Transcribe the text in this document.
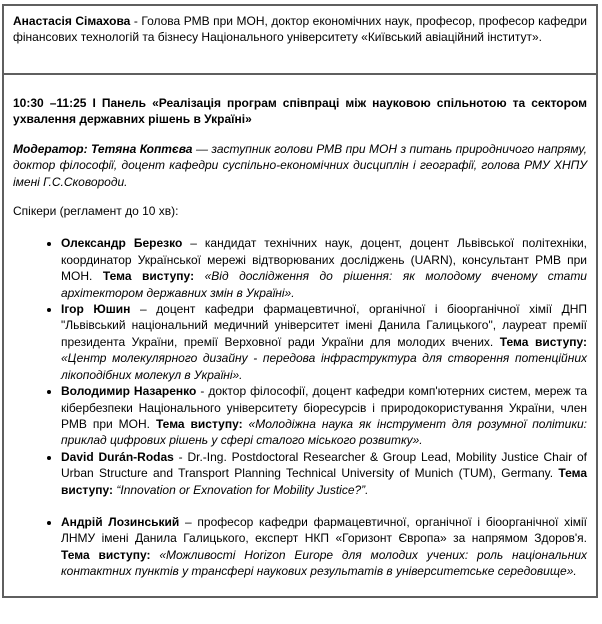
Анастасія Сімахова - Голова РМВ при МОН, доктор економічних наук, професор, професор кафедри фінансових технологій та бізнесу Національного університету «Київський авіаційний інститут».

10:30 –11:25 І Панель «Реалізація програм співпраці між науковою спільнотою та сектором ухвалення державних рішень в Україні»

Модератор: Тетяна Коптєва — заступник голови РМВ при МОН з питань природничого напряму, доктор філософії, доцент кафедри суспільно-економічних дисциплін і географії, голова РМУ ХНПУ імені Г.С.Сковороди.

Спікери (регламент до 10 хв):

• Олександр Березко – кандидат технічних наук, доцент, доцент Львівської політехніки, координатор Української мережі відтворюваних досліджень (UARN), консультант РМВ при МОН. Тема виступу: «Від дослідження до рішення: як молодому вченому стати архітектором державних змін в Україні».
• Ігор Юшин – доцент кафедри фармацевтичної, органічної і біоорганічної хімії ДНП "Львівський національний медичний університет імені Данила Галицького", лауреат премії президента України, премії Верховної ради України для молодих вчених. Тема виступу: «Центр молекулярного дизайну - передова інфраструктура для створення потенційних лікоподібних молекул в Україні».
• Володимир Назаренко - доктор філософії, доцент кафедри комп'ютерних систем, мереж та кібербезпеки Національного університету біоресурсів і природокористування України, член РМВ при МОН. Тема виступу: «Молодіжна наука як інструмент для розумної політики: приклад цифрових рішень у сфері сталого міського розвитку».
• David Durán-Rodas - Dr.-Ing. Postdoctoral Researcher & Group Lead, Mobility Justice Chair of Urban Structure and Transport Planning Technical University of Munich (TUM), Germany. Тема виступу: “Innovation or Exnovation for Mobility Justice?”.
• Андрій Лозинський – професор кафедри фармацевтичної, органічної і біоорганічної хімії ЛНМУ імені Данила Галицького, експерт НКП «Горизонт Європа» за напрямом Здоров'я. Тема виступу: «Можливості Horizon Europe для молодих учених: роль національних контактних пунктів у трансфері наукових результатів в університетське середовище».
